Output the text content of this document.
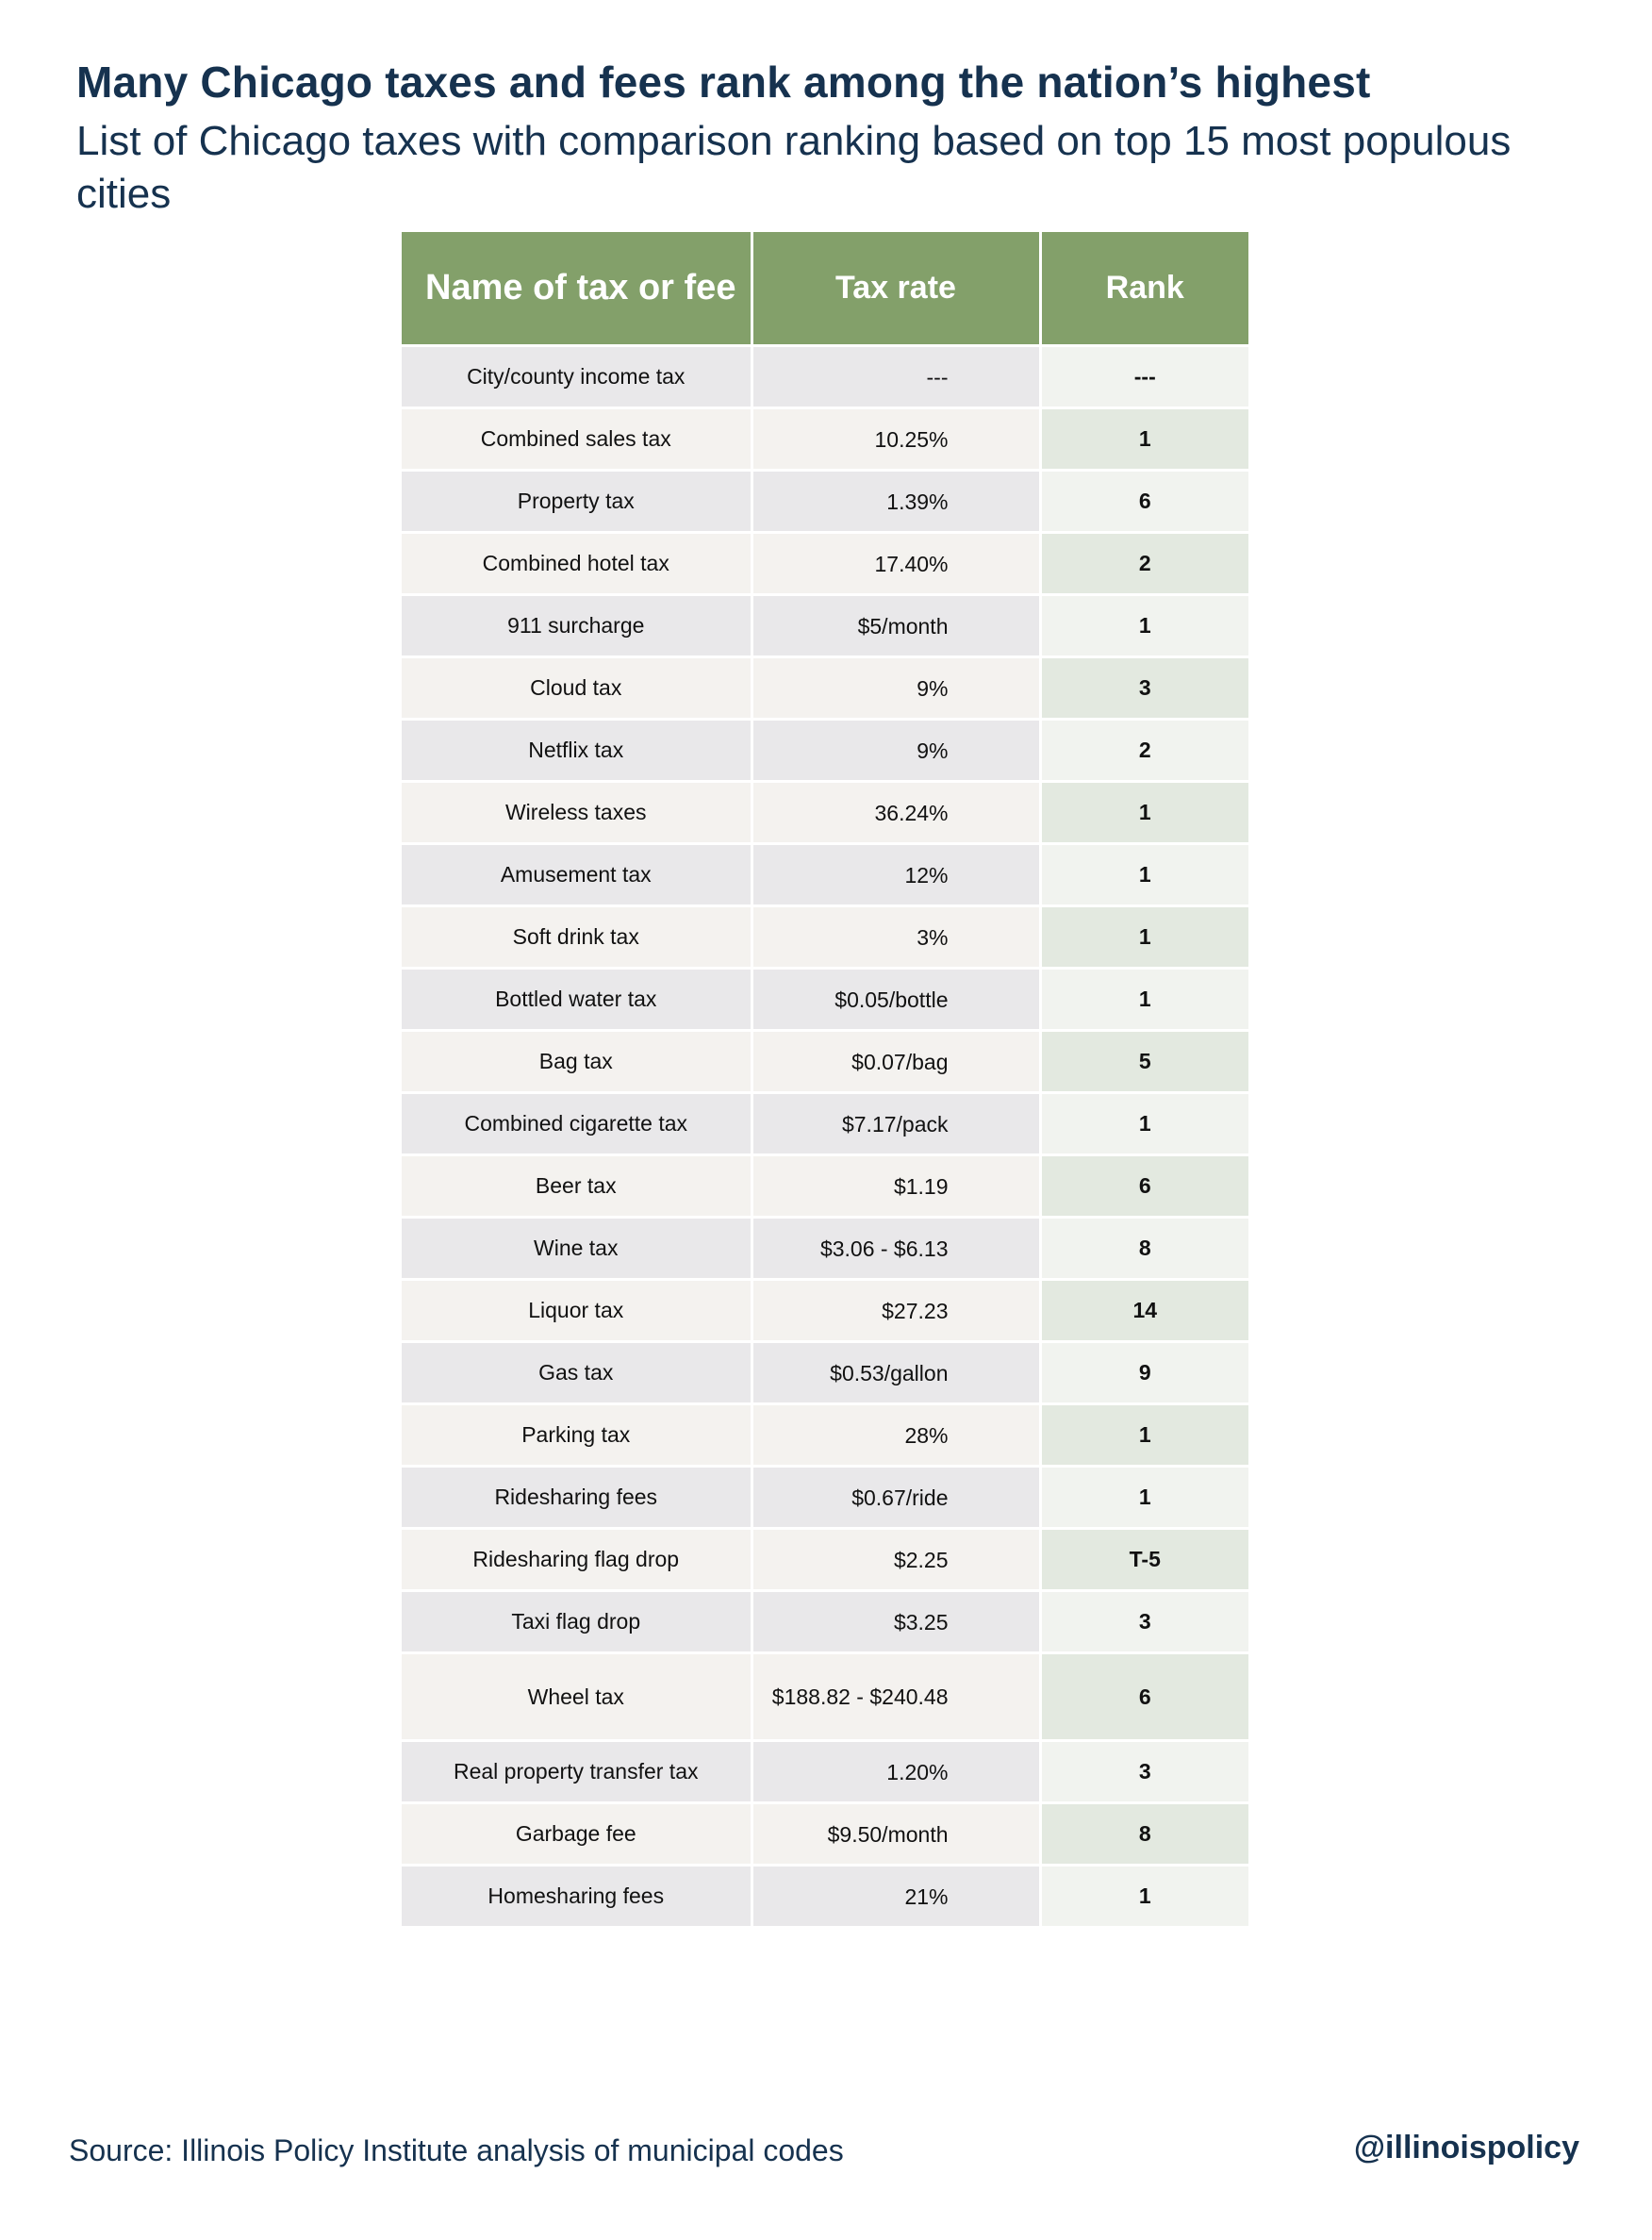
Many Chicago taxes and fees rank among the nation’s highest
List of Chicago taxes with comparison ranking based on top 15 most populous cities
Name of tax or fee	Tax rate	Rank
City/county income tax	---	---
Combined sales tax	10.25%	1
Property tax	1.39%	6
Combined hotel tax	17.40%	2
911 surcharge	$5/month	1
Cloud tax	9%	3
Netflix tax	9%	2
Wireless taxes	36.24%	1
Amusement tax	12%	1
Soft drink tax	3%	1
Bottled water tax	$0.05/bottle	1
Bag tax	$0.07/bag	5
Combined cigarette tax	$7.17/pack	1
Beer tax	$1.19	6
Wine tax	$3.06 - $6.13	8
Liquor tax	$27.23	14
Gas tax	$0.53/gallon	9
Parking tax	28%	1
Ridesharing fees	$0.67/ride	1
Ridesharing flag drop	$2.25	T-5
Taxi flag drop	$3.25	3
Wheel tax	$188.82 - $240.48	6
Real property transfer tax	1.20%	3
Garbage fee	$9.50/month	8
Homesharing fees	21%	1
Source: Illinois Policy Institute analysis of municipal codes	@illinoispolicy
